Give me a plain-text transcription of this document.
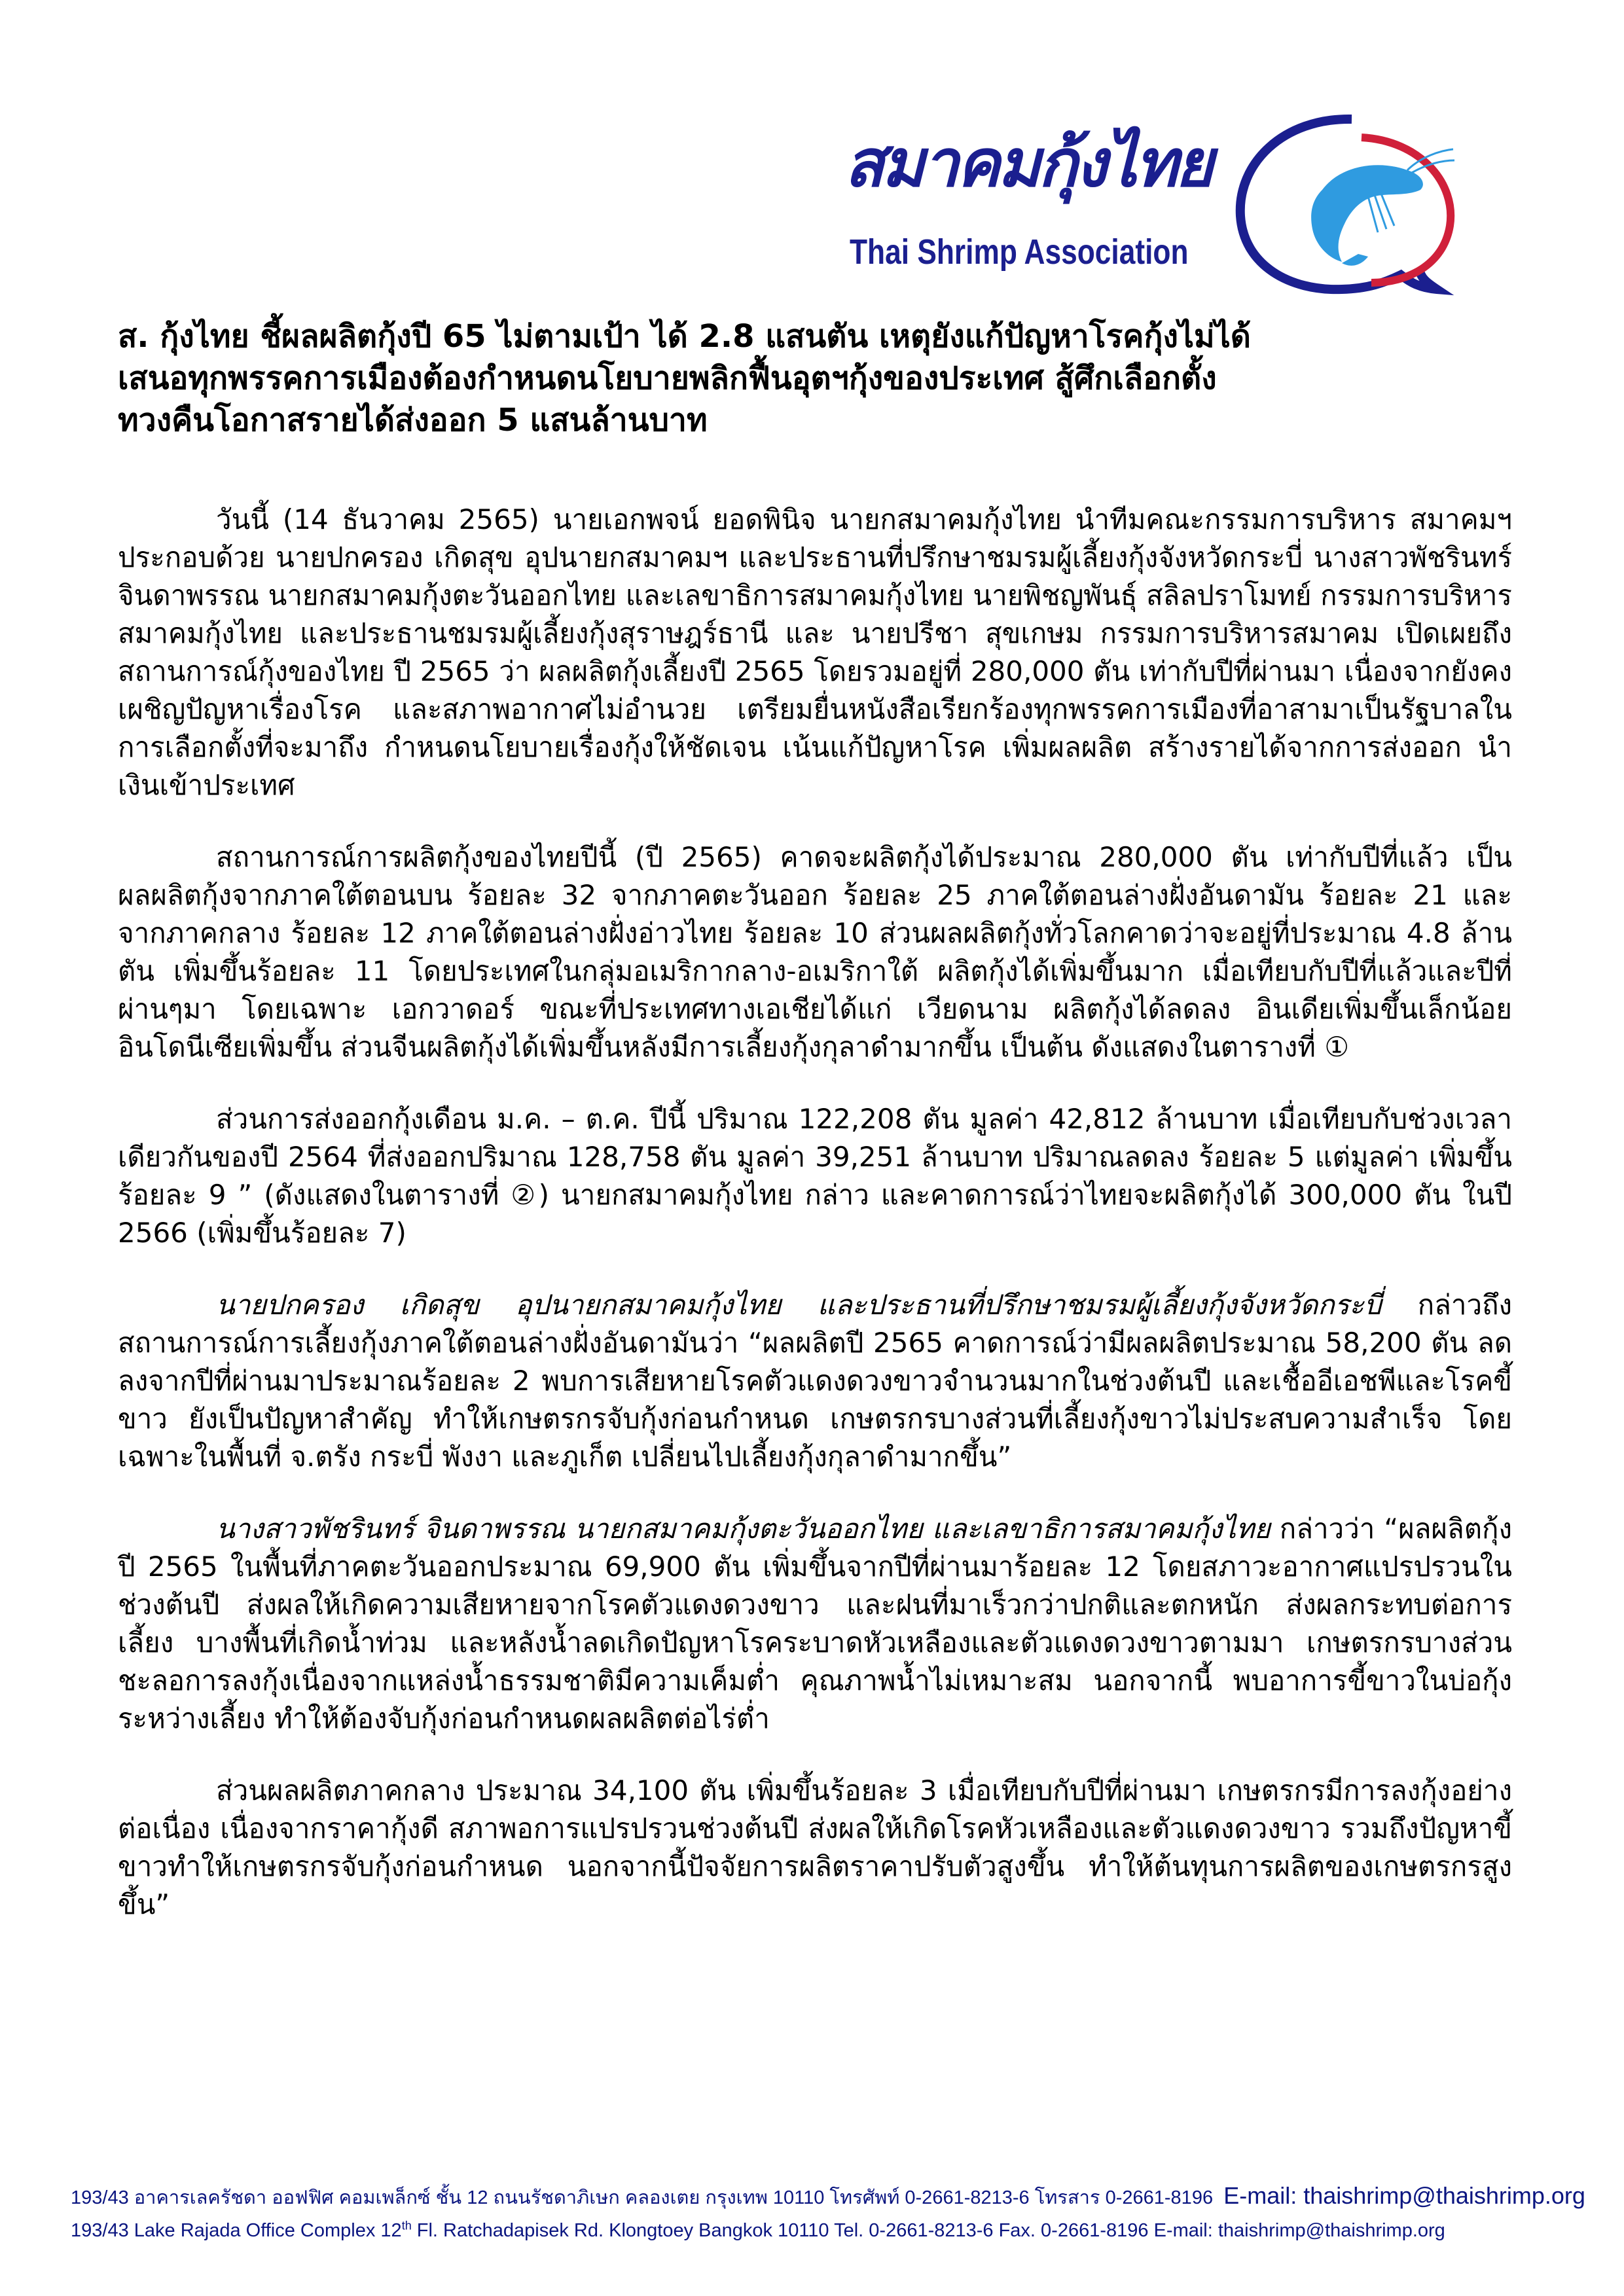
สมาคมกุ้งไทย
Thai Shrimp Association
ส. กุ้งไทย ชี้ผลผลิตกุ้งปี 65 ไม่ตามเป้า ได้ 2.8 แสนตัน เหตุยังแก้ปัญหาโรคกุ้งไม่ได้
เสนอทุกพรรคการเมืองต้องกำหนดนโยบายพลิกฟื้นอุตฯกุ้งของประเทศ สู้ศึกเลือกตั้ง
ทวงคืนโอกาสรายได้ส่งออก 5 แสนล้านบาท

วันนี้ (14 ธันวาคม 2565) นายเอกพจน์ ยอดพินิจ นายกสมาคมกุ้งไทย นำทีมคณะกรรมการบริหาร สมาคมฯ ประกอบด้วย นายปกครอง เกิดสุข อุปนายกสมาคมฯ และประธานที่ปรึกษาชมรมผู้เลี้ยงกุ้งจังหวัดกระบี่ นางสาวพัชรินทร์ จินดาพรรณ นายกสมาคมกุ้งตะวันออกไทย และเลขาธิการสมาคมกุ้งไทย นายพิชญพันธุ์ สลิลปราโมทย์ กรรมการบริหารสมาคมกุ้งไทย และประธานชมรมผู้เลี้ยงกุ้งสุราษฎร์ธานี และ นายปรีชา สุขเกษม กรรมการบริหารสมาคม เปิดเผยถึงสถานการณ์กุ้งของไทย ปี 2565 ว่า ผลผลิตกุ้งเลี้ยงปี 2565 โดยรวมอยู่ที่ 280,000 ตัน เท่ากับปีที่ผ่านมา เนื่องจากยังคงเผชิญปัญหาเรื่องโรค และสภาพอากาศไม่อำนวย เตรียมยื่นหนังสือเรียกร้องทุกพรรคการเมืองที่อาสามาเป็นรัฐบาลในการเลือกตั้งที่จะมาถึง กำหนดนโยบายเรื่องกุ้งให้ชัดเจน เน้นแก้ปัญหาโรค เพิ่มผลผลิต สร้างรายได้จากการส่งออก นำเงินเข้าประเทศ

สถานการณ์การผลิตกุ้งของไทยปีนี้ (ปี 2565) คาดจะผลิตกุ้งได้ประมาณ 280,000 ตัน เท่ากับปีที่แล้ว เป็นผลผลิตกุ้งจากภาคใต้ตอนบน ร้อยละ 32 จากภาคตะวันออก ร้อยละ 25 ภาคใต้ตอนล่างฝั่งอันดามัน ร้อยละ 21 และ จากภาคกลาง ร้อยละ 12 ภาคใต้ตอนล่างฝั่งอ่าวไทย ร้อยละ 10 ส่วนผลผลิตกุ้งทั่วโลกคาดว่าจะอยู่ที่ประมาณ 4.8 ล้านตัน เพิ่มขึ้นร้อยละ 11 โดยประเทศในกลุ่มอเมริกากลาง-อเมริกาใต้ ผลิตกุ้งได้เพิ่มขึ้นมาก เมื่อเทียบกับปีที่แล้วและปีที่ผ่านๆมา โดยเฉพาะ เอกวาดอร์ ขณะที่ประเทศทางเอเชียได้แก่ เวียดนาม ผลิตกุ้งได้ลดลง อินเดียเพิ่มขึ้นเล็กน้อย อินโดนีเซียเพิ่มขึ้น ส่วนจีนผลิตกุ้งได้เพิ่มขึ้นหลังมีการเลี้ยงกุ้งกุลาดำมากขึ้น เป็นต้น ดังแสดงในตารางที่ ①

ส่วนการส่งออกกุ้งเดือน ม.ค. – ต.ค. ปีนี้ ปริมาณ 122,208 ตัน มูลค่า 42,812 ล้านบาท เมื่อเทียบกับช่วงเวลาเดียวกันของปี 2564 ที่ส่งออกปริมาณ 128,758 ตัน มูลค่า 39,251 ล้านบาท ปริมาณลดลง ร้อยละ 5 แต่มูลค่า เพิ่มขึ้น ร้อยละ 9 ” (ดังแสดงในตารางที่ ②) นายกสมาคมกุ้งไทย กล่าว และคาดการณ์ว่าไทยจะผลิตกุ้งได้ 300,000 ตัน ในปี 2566 (เพิ่มขึ้นร้อยละ 7)

นายปกครอง เกิดสุข อุปนายกสมาคมกุ้งไทย และประธานที่ปรึกษาชมรมผู้เลี้ยงกุ้งจังหวัดกระบี่ กล่าวถึงสถานการณ์การเลี้ยงกุ้งภาคใต้ตอนล่างฝั่งอันดามันว่า “ผลผลิตปี 2565 คาดการณ์ว่ามีผลผลิตประมาณ 58,200 ตัน ลดลงจากปีที่ผ่านมาประมาณร้อยละ 2 พบการเสียหายโรคตัวแดงดวงขาวจำนวนมากในช่วงต้นปี และเชื้ออีเอชพีและโรคขี้ขาว ยังเป็นปัญหาสำคัญ ทำให้เกษตรกรจับกุ้งก่อนกำหนด เกษตรกรบางส่วนที่เลี้ยงกุ้งขาวไม่ประสบความสำเร็จ โดยเฉพาะในพื้นที่ จ.ตรัง กระบี่ พังงา และภูเก็ต เปลี่ยนไปเลี้ยงกุ้งกุลาดำมากขึ้น”

นางสาวพัชรินทร์ จินดาพรรณ นายกสมาคมกุ้งตะวันออกไทย และเลขาธิการสมาคมกุ้งไทย กล่าวว่า “ผลผลิตกุ้งปี 2565 ในพื้นที่ภาคตะวันออกประมาณ 69,900 ตัน เพิ่มขึ้นจากปีที่ผ่านมาร้อยละ 12 โดยสภาวะอากาศแปรปรวนในช่วงต้นปี ส่งผลให้เกิดความเสียหายจากโรคตัวแดงดวงขาว และฝนที่มาเร็วกว่าปกติและตกหนัก ส่งผลกระทบต่อการเลี้ยง บางพื้นที่เกิดน้ำท่วม และหลังน้ำลดเกิดปัญหาโรคระบาดหัวเหลืองและตัวแดงดวงขาวตามมา เกษตรกรบางส่วนชะลอการลงกุ้งเนื่องจากแหล่งน้ำธรรมชาติมีความเค็มต่ำ คุณภาพน้ำไม่เหมาะสม นอกจากนี้ พบอาการขี้ขาวในบ่อกุ้งระหว่างเลี้ยง ทำให้ต้องจับกุ้งก่อนกำหนดผลผลิตต่อไร่ต่ำ

ส่วนผลผลิตภาคกลาง ประมาณ 34,100 ตัน เพิ่มขึ้นร้อยละ 3 เมื่อเทียบกับปีที่ผ่านมา เกษตรกรมีการลงกุ้งอย่างต่อเนื่อง เนื่องจากราคากุ้งดี สภาพอการแปรปรวนช่วงต้นปี ส่งผลให้เกิดโรคหัวเหลืองและตัวแดงดวงขาว รวมถึงปัญหาขี้ขาวทำให้เกษตรกรจับกุ้งก่อนกำหนด นอกจากนี้ปัจจัยการผลิตราคาปรับตัวสูงขึ้น ทำให้ต้นทุนการผลิตของเกษตรกรสูงขึ้น”

193/43 อาคารเลครัชดา ออฟฟิศ คอมเพล็กซ์ ชั้น 12 ถนนรัชดาภิเษก คลองเตย กรุงเทพ 10110 โทรศัพท์ 0-2661-8213-6 โทรสาร 0-2661-8196 E-mail: thaishrimp@thaishrimp.org
193/43 Lake Rajada Office Complex 12th Fl. Ratchadapisek Rd. Klongtoey Bangkok 10110 Tel. 0-2661-8213-6 Fax. 0-2661-8196 E-mail: thaishrimp@thaishrimp.org
